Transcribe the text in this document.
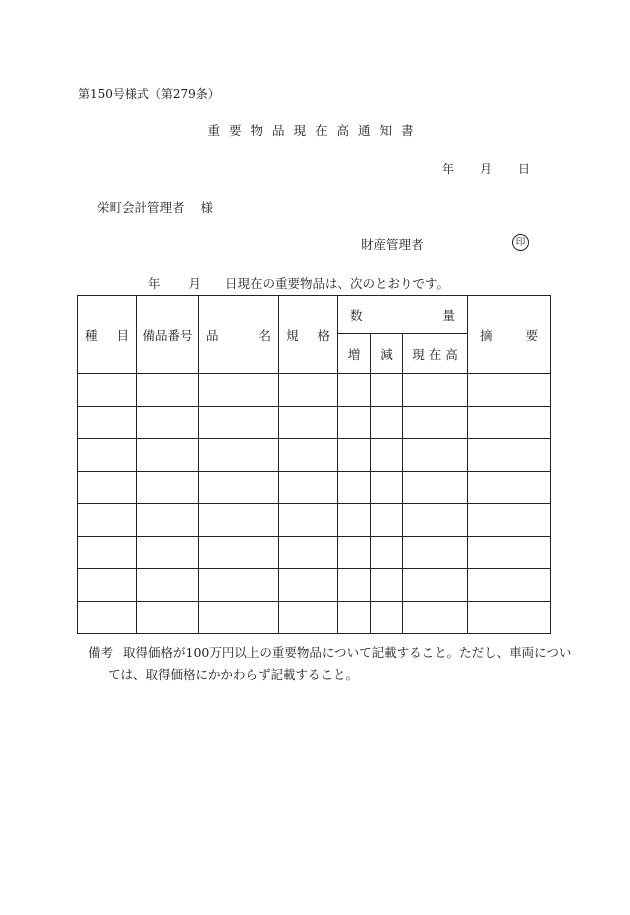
第150号様式（第279条）
重要物品現在高通知書
年 月 日
栄町会計管理者 様
財産管理者	印
年 月 日現在の重要物品は、次のとおりです。
種 目	備品番号	品 名	規 格	数 量			摘 要

				増	減	現 在 高	

備考 取得価格が100万円以上の重要物品について記載すること。ただし、車両につい
ては、取得価格にかかわらず記載すること。
